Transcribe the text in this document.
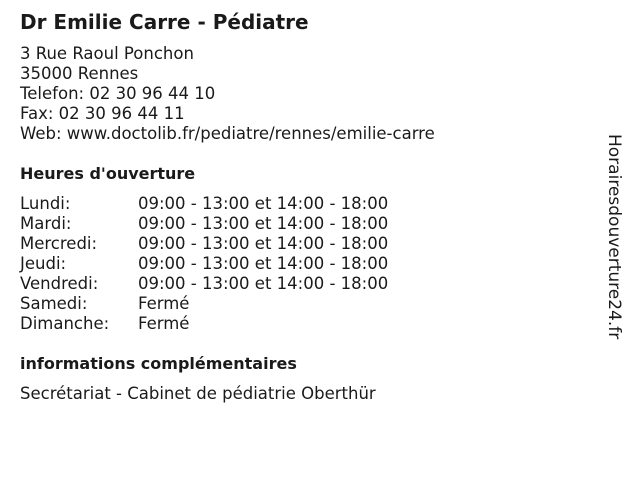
Dr Emilie Carre - Pédiatre
3 Rue Raoul Ponchon
35000 Rennes
Telefon: 02 30 96 44 10
Fax: 02 30 96 44 11
Web: www.doctolib.fr/pediatre/rennes/emilie-carre
Heures d'ouverture
Lundi:	09:00 - 13:00 et 14:00 - 18:00
Mardi:	09:00 - 13:00 et 14:00 - 18:00
Mercredi:	09:00 - 13:00 et 14:00 - 18:00
Jeudi:	09:00 - 13:00 et 14:00 - 18:00
Vendredi:	09:00 - 13:00 et 14:00 - 18:00
Samedi:	Fermé
Dimanche:	Fermé
informations complémentaires
Secrétariat - Cabinet de pédiatrie Oberthür
Horairesdouverture24.fr
